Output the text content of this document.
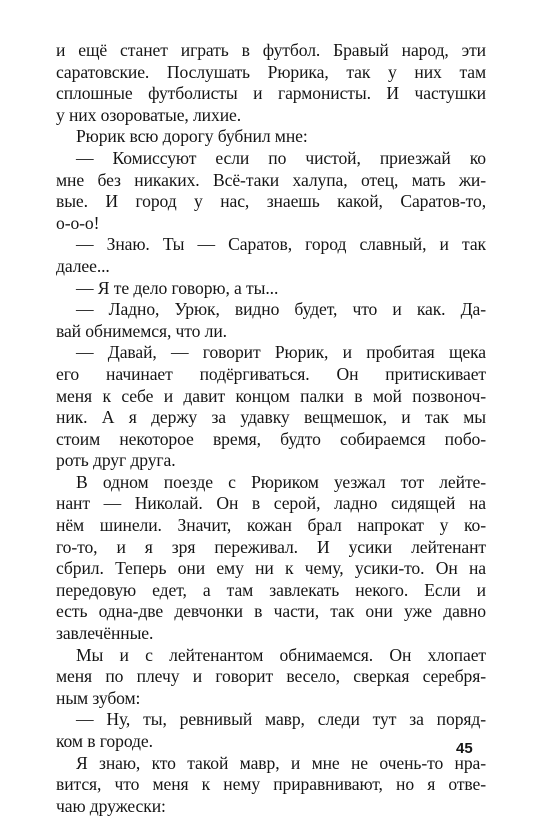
и ещё станет играть в футбол. Бравый народ, эти
саратовские. Послушать Рюрика, так у них там
сплошные футболисты и гармонисты. И частушки
у них озороватые, лихие.
Рюрик всю дорогу бубнил мне:
— Комиссуют если по чистой, приезжай ко
мне без никаких. Всё-таки халупа, отец, мать жи-
вые. И город у нас, знаешь какой, Саратов-то,
о-о-о!
— Знаю. Ты — Саратов, город славный, и так
далее...
— Я те дело говорю, а ты...
— Ладно, Урюк, видно будет, что и как. Да-
вай обнимемся, что ли.
— Давай, — говорит Рюрик, и пробитая щека
его начинает подёргиваться. Он притискивает
меня к себе и давит концом палки в мой позвоноч-
ник. А я держу за удавку вещмешок, и так мы
стоим некоторое время, будто собираемся побо-
роть друг друга.
В одном поезде с Рюриком уезжал тот лейте-
нант — Николай. Он в серой, ладно сидящей на
нём шинели. Значит, кожан брал напрокат у ко-
го-то, и я зря переживал. И усики лейтенант
сбрил. Теперь они ему ни к чему, усики-то. Он на
передовую едет, а там завлекать некого. Если и
есть одна-две девчонки в части, так они уже давно
завлечённые.
Мы и с лейтенантом обнимаемся. Он хлопает
меня по плечу и говорит весело, сверкая серебря-
ным зубом:
— Ну, ты, ревнивый мавр, следи тут за поряд-
ком в городе.
Я знаю, кто такой мавр, и мне не очень-то нра-
вится, что меня к нему приравнивают, но я отве-
чаю дружески:
45
